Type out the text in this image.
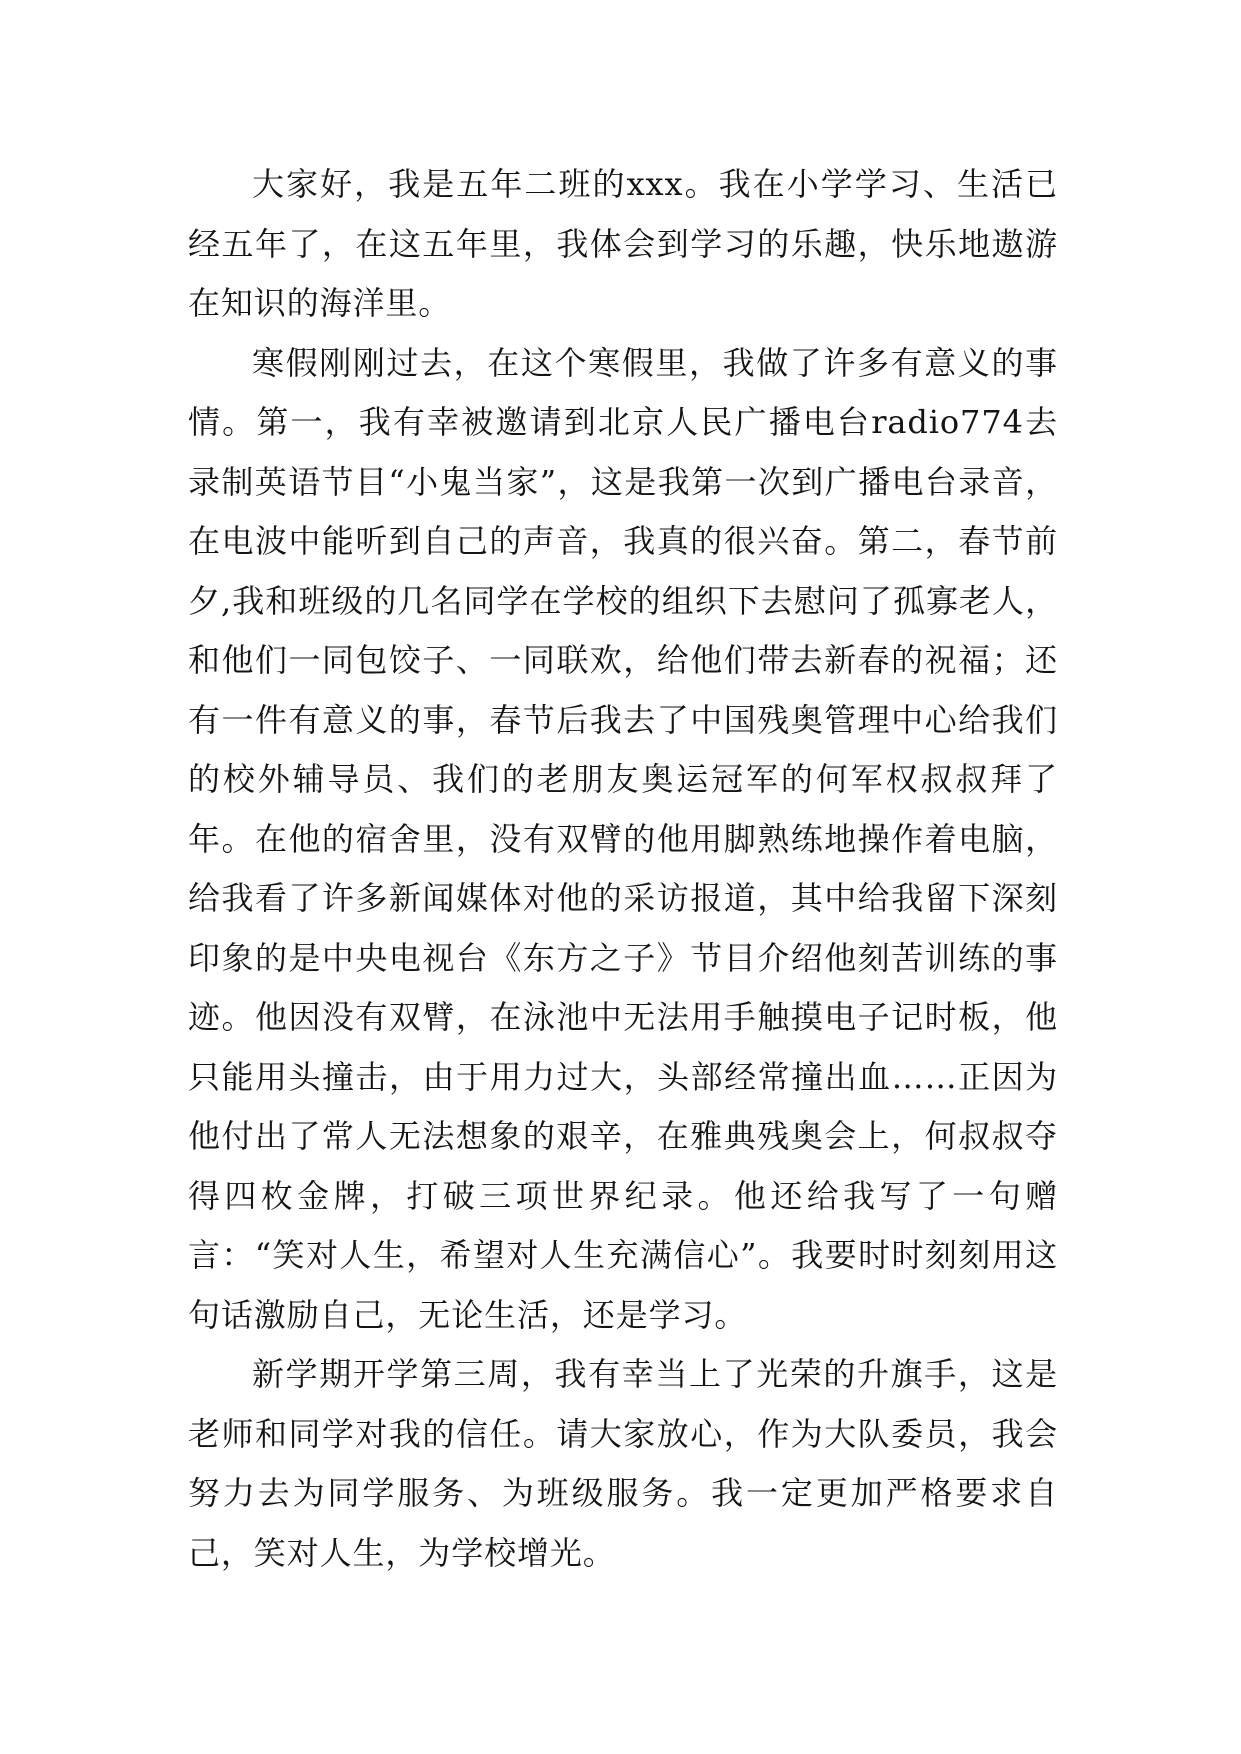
大家好，我是五年二班的xxx。我在小学学习、生活已经五年了，在这五年里，我体会到学习的乐趣，快乐地遨游在知识的海洋里。

寒假刚刚过去，在这个寒假里，我做了许多有意义的事情。第一，我有幸被邀请到北京人民广播电台radio774去录制英语节目“小鬼当家”，这是我第一次到广播电台录音，在电波中能听到自己的声音，我真的很兴奋。第二，春节前夕,我和班级的几名同学在学校的组织下去慰问了孤寡老人，和他们一同包饺子、一同联欢，给他们带去新春的祝福；还有一件有意义的事，春节后我去了中国残奥管理中心给我们的校外辅导员、我们的老朋友奥运冠军的何军权叔叔拜了年。在他的宿舍里，没有双臂的他用脚熟练地操作着电脑，给我看了许多新闻媒体对他的采访报道，其中给我留下深刻印象的是中央电视台《东方之子》节目介绍他刻苦训练的事迹。他因没有双臂，在泳池中无法用手触摸电子记时板，他只能用头撞击，由于用力过大，头部经常撞出血……正因为他付出了常人无法想象的艰辛，在雅典残奥会上，何叔叔夺得四枚金牌，打破三项世界纪录。他还给我写了一句赠言：“笑对人生，希望对人生充满信心”。我要时时刻刻用这句话激励自己，无论生活，还是学习。

新学期开学第三周，我有幸当上了光荣的升旗手，这是老师和同学对我的信任。请大家放心，作为大队委员，我会努力去为同学服务、为班级服务。我一定更加严格要求自己，笑对人生，为学校增光。
